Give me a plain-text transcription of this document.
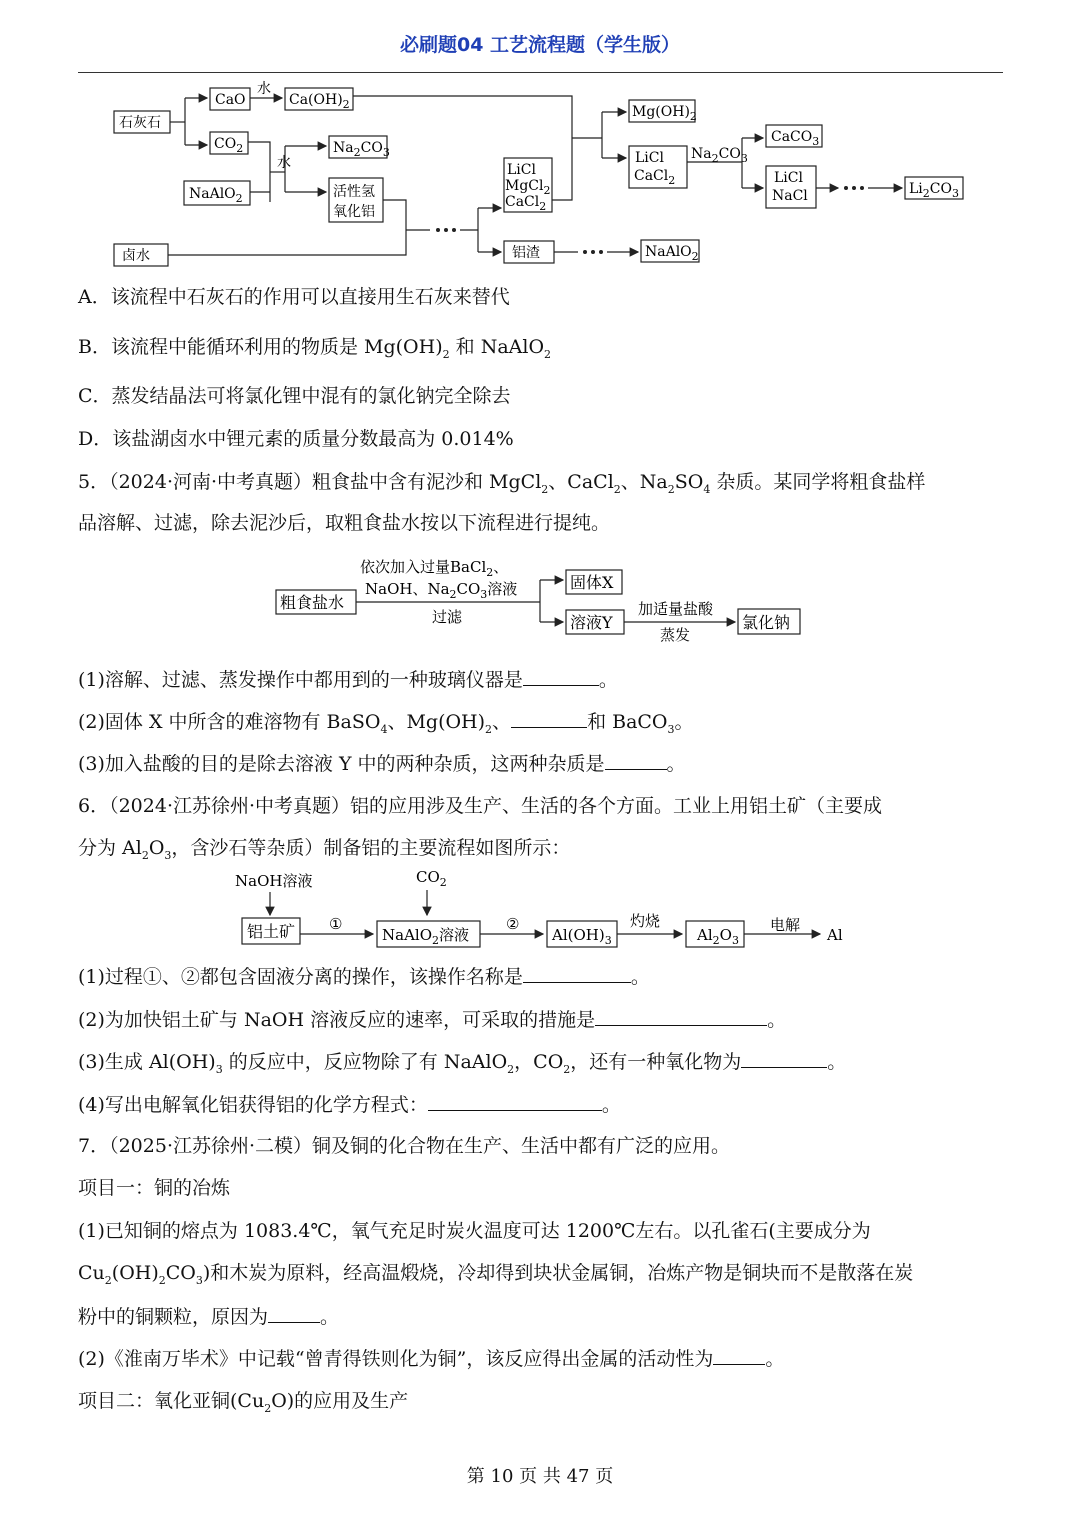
必刷题04 工艺流程题（学生版）
石灰石
CaO
水
$Ca(OH)_2$
$CO_2$
NaAlO$_2$
水
$Na_2CO_3$
活性氢
氧化铝
卤水
LiCl
MgCl$_2$
CaCl$_2$
铝渣	NaAlO$_2$
$Mg(OH)_2$
LiCl
CaCl$_2$
$Na_2CO_3$
CaCO$_3$
LiCl
NaCl	$Li_2CO_3$
A．该流程中石灰石的作用可以直接用生石灰来替代
B．该流程中能循环利用的物质是 $Mg(OH)_2$ 和 NaAlO$_2$
C．蒸发结晶法可将氯化锂中混有的氯化钠完全除去
D．该盐湖卤水中锂元素的质量分数最高为 0.014%
5．（2024·河南·中考真题）粗食盐中含有泥沙和 MgCl$_2$、CaCl$_2$、$Na_2SO_4$ 杂质。某同学将粗食盐样
品溶解、过滤，除去泥沙后，取粗食盐水按以下流程进行提纯。
粗食盐水
依次加入过量BaCl$_2$、
NaOH、$Na_2CO_3$溶液
过滤
固体X
溶液Y
加适量盐酸
蒸发
氯化钠
(1)溶解、过滤、蒸发操作中都用到的一种玻璃仪器是	。
(2)固体 X 中所含的难溶物有 BaSO$_4$、$Mg(OH)_2$、	和 BaCO$_3$。
(3)加入盐酸的目的是除去溶液 Y 中的两种杂质，这两种杂质是	。
6．（2024·江苏徐州·中考真题）铝的应用涉及生产、生活的各个方面。工业上用铝土矿（主要成
分为 $Al_2O_3$，含沙石等杂质）制备铝的主要流程如图所示：
NaOH溶液	$CO_2$
铝土矿 ①
NaAlO$_2$溶液
②
$Al(OH)_3$
灼烧
$Al_2O_3$
电解
Al
(1)过程①、②都包含固液分离的操作，该操作名称是	。
(2)为加快铝土矿与 NaOH 溶液反应的速率，可采取的措施是	。
(3)生成 $Al(OH)_3$ 的反应中，反应物除了有 NaAlO$_2$，$CO_2$，还有一种氧化物为	。
(4)写出电解氧化铝获得铝的化学方程式：	。
7．（2025·江苏徐州·二模）铜及铜的化合物在生产、生活中都有广泛的应用。
项目一：铜的冶炼
(1)已知铜的熔点为 1083.4℃，氧气充足时炭火温度可达 1200℃左右。以孔雀石(主要成分为
$Cu_2(OH)_2CO_3$)和木炭为原料，经高温煅烧，冷却得到块状金属铜，冶炼产物是铜块而不是散落在炭
粉中的铜颗粒，原因为	。
(2)《淮南万毕术》中记载“曾青得铁则化为铜”，该反应得出金属的活动性为	。
项目二：氧化亚铜$(Cu_2O)$的应用及生产
第 10 页 共 47 页
